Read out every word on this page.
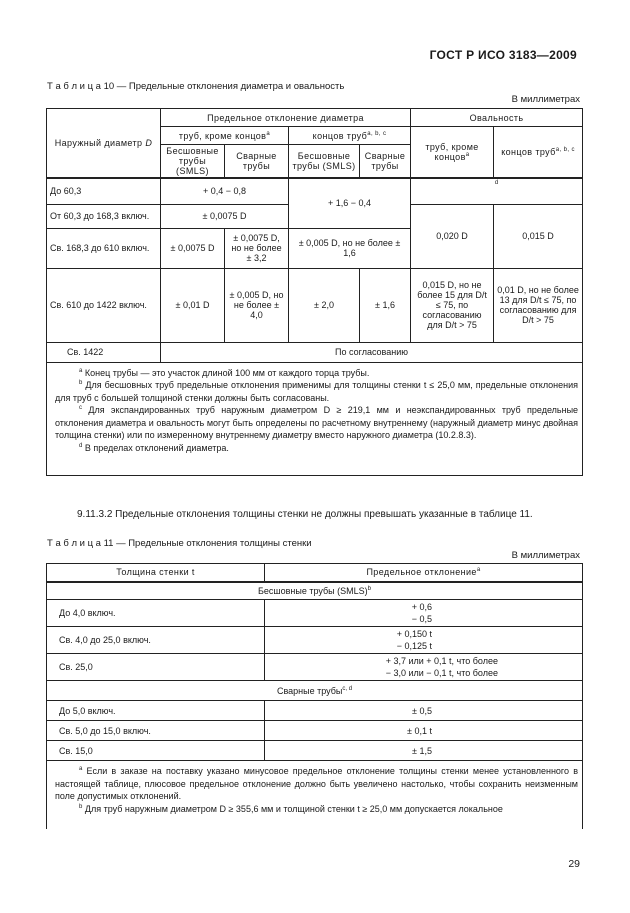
ГОСТ Р ИСО 3183—2009
Т а б л и ц а 10 — Предельные отклонения диаметра и овальность
В миллиметрах
Наружный диаметр D	Предельное отклонение диаметра				Овальность	
	труб, кроме концов$^a$		концов труб$^{a, b, c}$		труб, кроме концов$^a$	концов труб$^{a, b, c}$
	Бесшовные трубы (SMLS)	Сварные трубы	Бесшовные трубы (SMLS)	Сварные трубы		
До 60,3	+ 0,4 − 0,8		+ 1,6 − 0,4		$^d$
От 60,3 до 168,3 включ.	± 0,0075 D				0,020 D	0,015 D
Св. 168,3 до 610 включ.	± 0,0075 D	± 0,0075 D, но не более ± 3,2	± 0,005 D, но не более ± 1,6			
Св. 610 до 1422 включ.	± 0,01 D	± 0,005 D, но не более ± 4,0	± 2,0	± 1,6	0,015 D, но не более 15 для D/t ≤ 75, по согласованию для D/t > 75	0,01 D, но не более 13 для D/t ≤ 75, по согласованию для D/t > 75
Св. 1422	По согласованию					

$^a$ Конец трубы — это участок длиной 100 мм от каждого торца трубы.

$^b$ Для бесшовных труб предельные отклонения применимы для толщины стенки t ≤ 25,0 мм, предельные отклонения для труб с большей толщиной стенки должны быть согласованы.

$^c$ Для экспандированных труб наружным диаметром D ≥ 219,1 мм и неэкспандированных труб предельные отклонения диаметра и овальность могут быть определены по расчетному внутреннему (наружный диаметр минус двойная толщина стенки) или по измеренному внутреннему диаметру вместо наружного диаметра (10.2.8.3).

$^d$ В пределах отклонений диаметра.						

9.11.3.2 Предельные отклонения толщины стенки не должны превышать указанные в таблице 11.
Т а б л и ц а 11 — Предельные отклонения толщины стенки
В миллиметрах
Толщина стенки t	Предельное отклонение$^a$
Бесшовные трубы (SMLS)$^b$
До 4,0 включ.	+ 0,6
− 0,5

Св. 4,0 до 25,0 включ.	+ 0,150 t
− 0,125 t

Св. 25,0	+ 3,7 или + 0,1 t, что более
− 3,0 или − 0,1 t, что более

Сварные трубы$^{c, d}$
До 5,0 включ.	± 0,5
Св. 5,0 до 15,0 включ.	± 0,1 t
Св. 15,0	± 1,5

$^a$ Если в заказе на поставку указано минусовое предельное отклонение толщины стенки менее установленного в настоящей таблице, плюсовое предельное отклонение должно быть увеличено настолько, чтобы сохранить неизменным поле допустимых отклонений.

$^b$ Для труб наружным диаметром D ≥ 355,6 мм и толщиной стенки t ≥ 25,0 мм допускается локальное	

29
